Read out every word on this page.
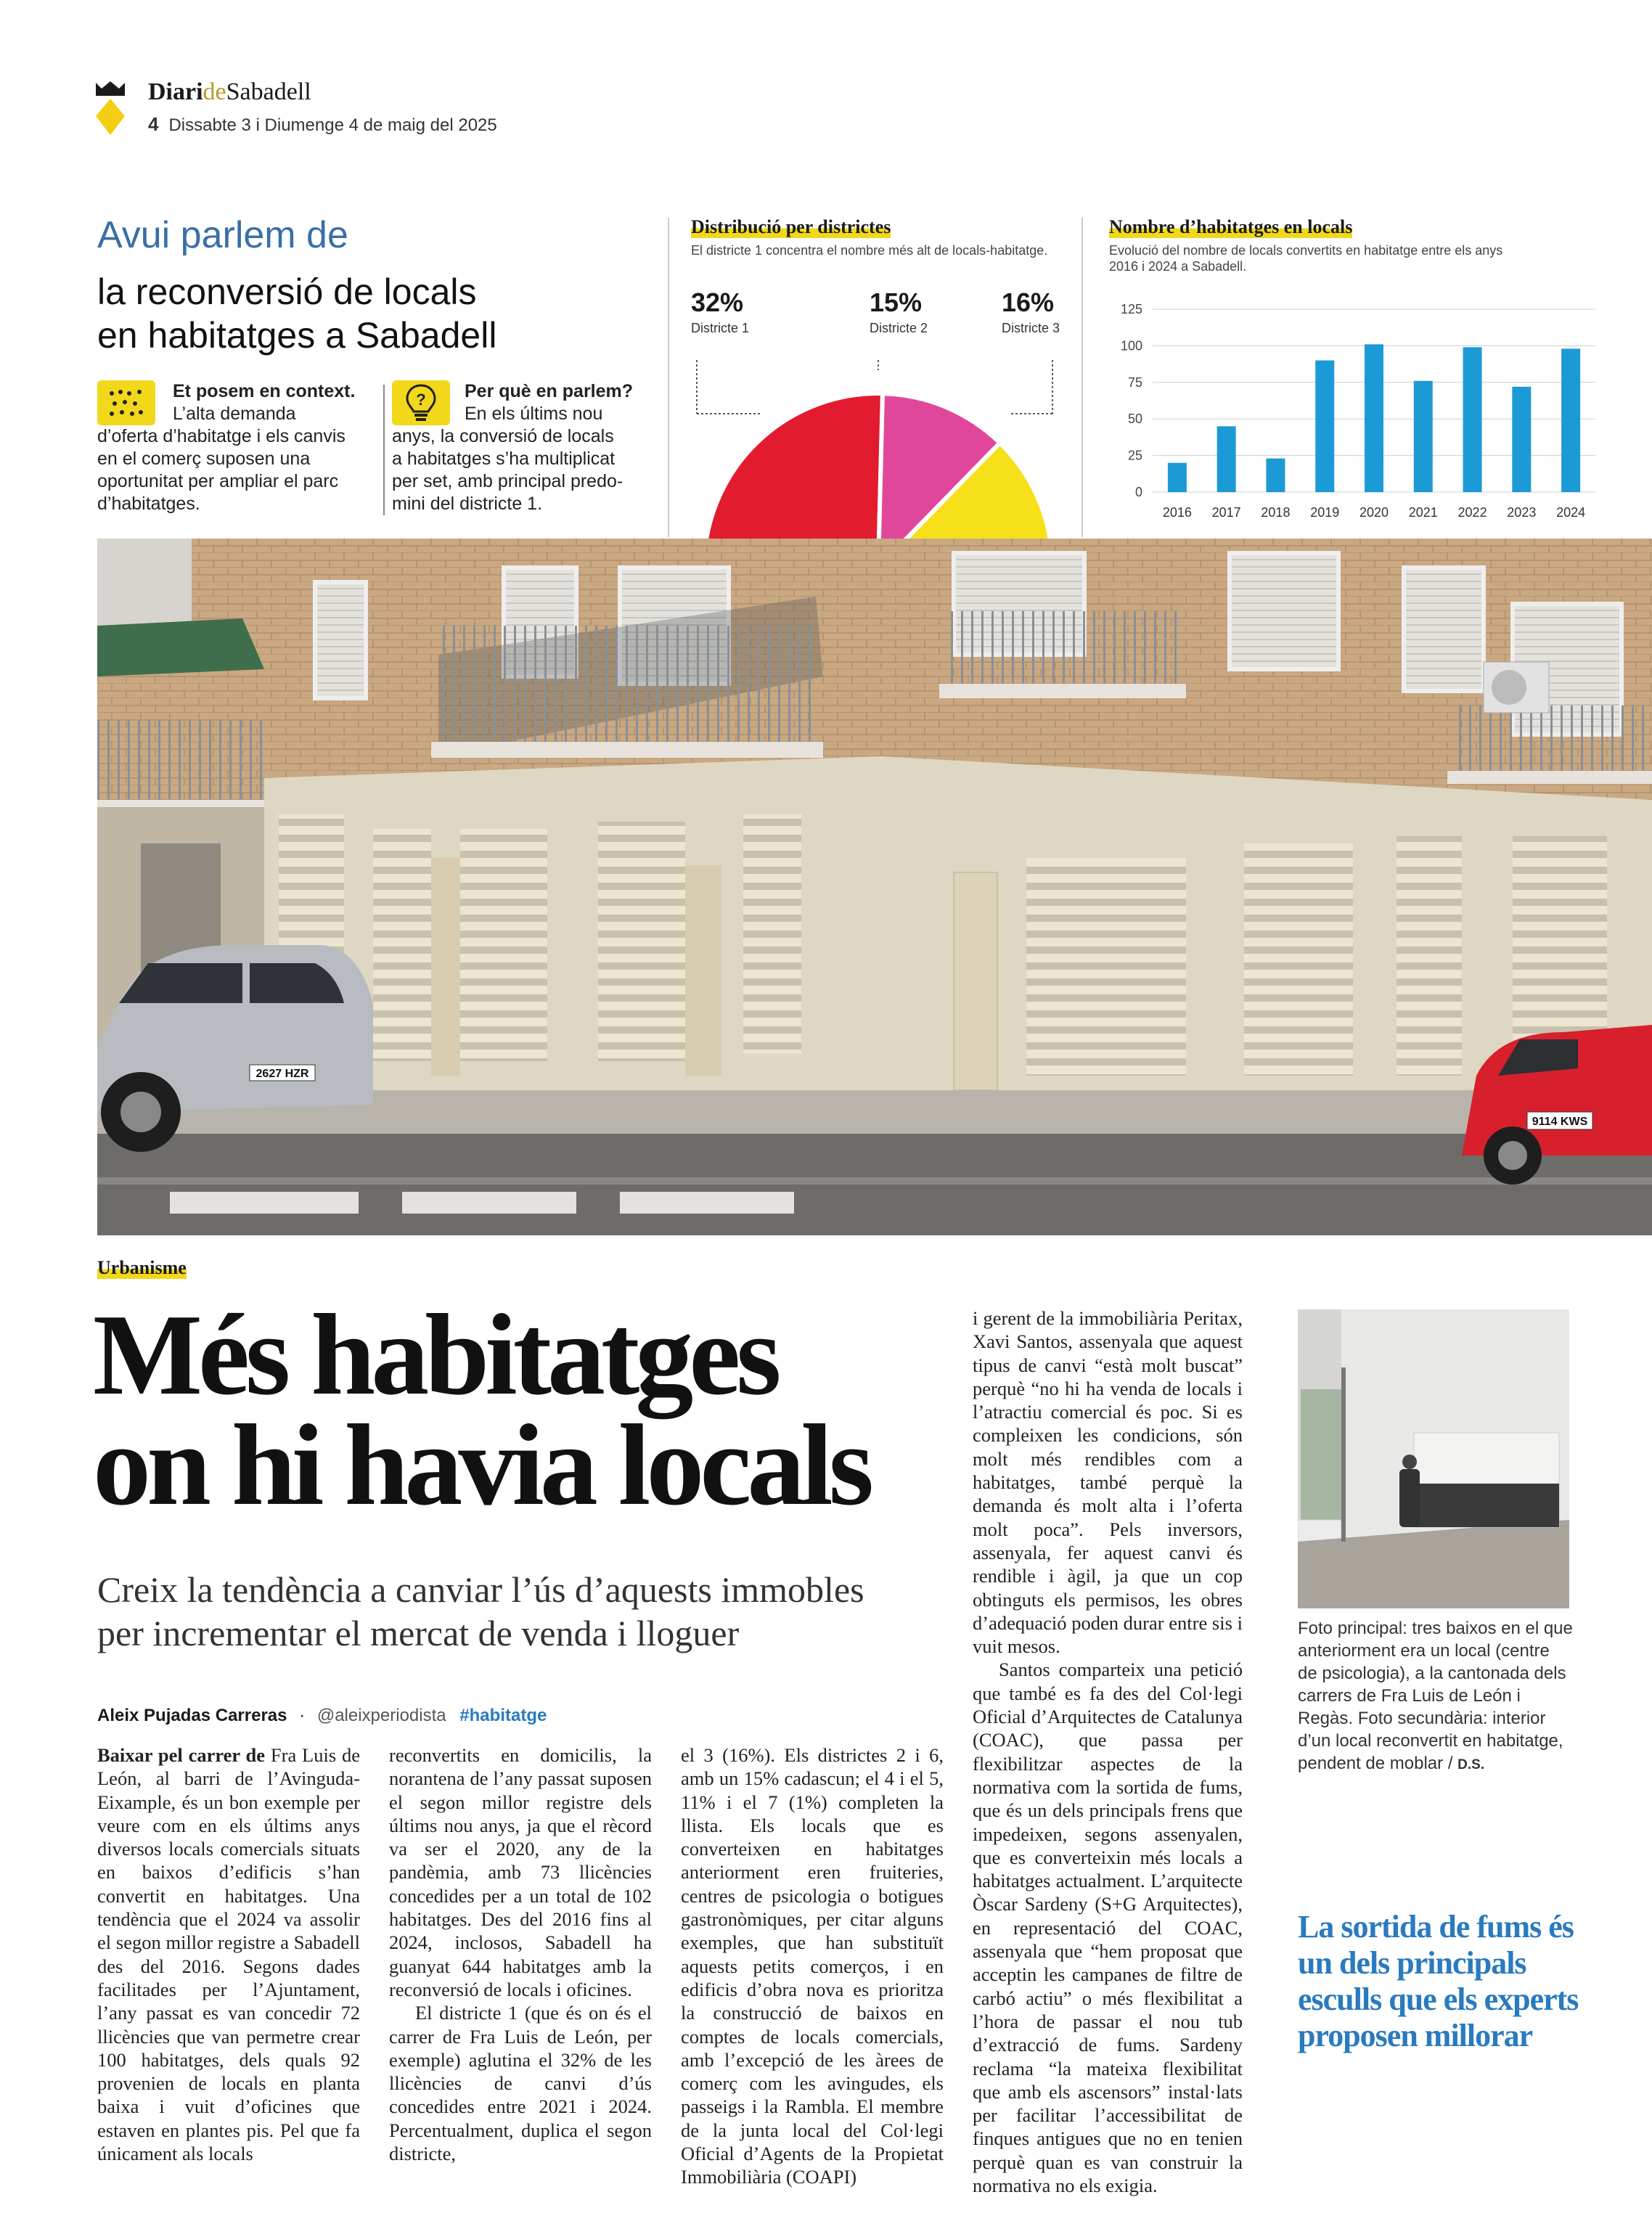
DiarideSabadell
4 Dissabte 3 i Diumenge 4 de maig del 2025
Avui parlem de
la reconversió de locals
en habitatges a Sabadell
Et posem en context.
L’alta demanda
d’oferta d’habitatge i els canvis
en el comerç suposen una
oportunitat per ampliar el parc
d’habitatges.
?	Per què en parlem?
En els últims nou
anys, la conversió de locals
a habitatges s’ha multiplicat
per set, amb principal predo-
mini del districte 1.
Distribució per districtes
El districte 1 concentra el nombre més alt de locals-habitatge.
32%
Districte 1
15%
Districte 2
16%
Districte 3
Nombre d’habitatges en locals
Evolució del nombre de locals convertits en habitatge entre els anys
2016 i 2024 a Sabadell.
0
25
50
75
100
125
2016 2017 2018 2019 2020 2021 2022 2023 2024
2627 HZR
9114 KWS
Urbanisme
Més habitatges
on hi havia locals
Creix la tendència a canviar l’ús d’aquests immobles
per incrementar el mercat de venda i lloguer
Aleix Pujadas Carreras · @aleixperiodista #habitatge

Baixar pel carrer de Fra Luis de León, al barri de l’Avinguda-Eixample, és un bon exemple per veure com en els últims anys diversos locals comercials situats en baixos d’edificis s’han convertit en habitatges. Una tendència que el 2024 va assolir el segon millor registre a Sabadell des del 2016. Segons dades facilitades per l’Ajuntament, l’any passat es van concedir 72 llicències que van permetre crear 100 habitatges, dels quals 92 provenien de locals en planta baixa i vuit d’oficines que estaven en plantes pis. Pel que fa únicament als locals

reconvertits en domicilis, la norantena de l’any passat suposen el segon millor registre dels últims nou anys, ja que el rècord va ser el 2020, any de la pandèmia, amb 73 llicències concedides per a un total de 102 habitatges. Des del 2016 fins al 2024, inclosos, Sabadell ha guanyat 644 habitatges amb la reconversió de locals i oficines.

El districte 1 (que és on és el carrer de Fra Luis de León, per exemple) aglutina el 32% de les llicències de canvi d’ús concedides entre 2021 i 2024. Percentualment, duplica el segon districte,

el 3 (16%). Els districtes 2 i 6, amb un 15% cadascun; el 4 i el 5, 11% i el 7 (1%) completen la llista. Els locals que es converteixen en habitatges anteriorment eren fruiteries, centres de psicologia o botigues gastronòmiques, per citar alguns exemples, que han substituït aquests petits comerços, i en edificis d’obra nova es prioritza la construcció de baixos en comptes de locals comercials, amb l’excepció de les àrees de comerç com les avingudes, els passeigs i la Rambla. El membre de la junta local del Col·legi Oficial d’Agents de la Propietat Immobiliària (COAPI)

i gerent de la immobiliària Peritax, Xavi Santos, assenyala que aquest tipus de canvi “està molt buscat” perquè “no hi ha venda de locals i l’atractiu comercial és poc. Si es compleixen les condicions, són molt més rendibles com a habitatges, també perquè la demanda és molt alta i l’oferta molt poca”. Pels inversors, assenyala, fer aquest canvi és rendible i àgil, ja que un cop obtinguts els permisos, les obres d’adequació poden durar entre sis i vuit mesos.

Santos comparteix una petició que també es fa des del Col·legi Oficial d’Arquitectes de Catalunya (COAC), que passa per flexibilitzar aspectes de la normativa com la sortida de fums, que és un dels principals frens que impedeixen, segons assenyalen, que es converteixin més locals a habitatges actualment. L’arquitecte Òscar Sardeny (S+G Arquitectes), en representació del COAC, assenyala que “hem proposat que acceptin les campanes de filtre de carbó actiu” o més flexibilitat a l’hora de passar el nou tub d’extracció de fums. Sardeny reclama “la mateixa flexibilitat que amb els ascensors” instal·lats per facilitar l’accessibilitat de finques antigues que no en tenien perquè quan es van construir la normativa no els exigia.

Foto principal: tres baixos en el que anteriorment era un local (centre de psicologia), a la cantonada dels carrers de Fra Luis de León i Regàs. Foto secundària: interior d’un local reconvertit en habitatge, pendent de moblar / D.S.
La sortida de fums és un dels principals esculls que els experts proposen millorar
